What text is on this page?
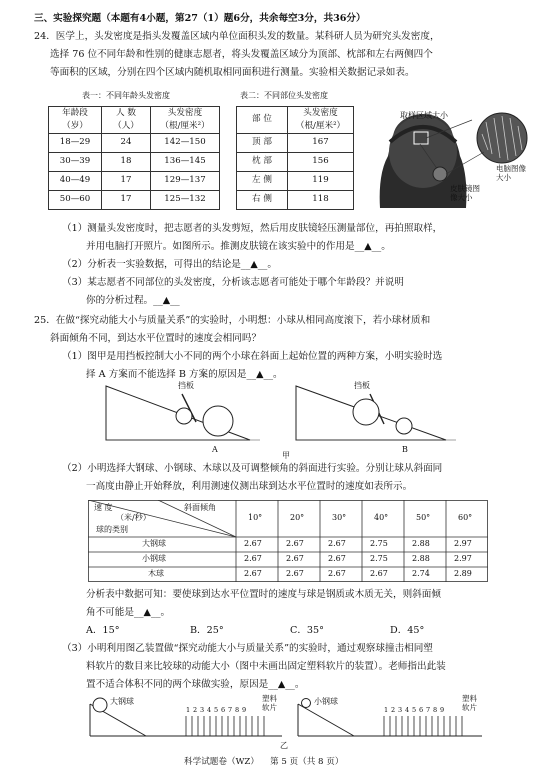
三、实验探究题（本题有4小题，第27（1）题6分，共余每空3分，共36分）
24．医学上，头发密度是指头发覆盖区域内单位面积头发的数量。某科研人员为研究头发密度，
选择 76 位不同年龄和性别的健康志愿者，将头发覆盖区域分为顶部、枕部和左右两侧四个
等面积的区域，分别在四个区域内随机取相同面积进行测量。实验相关数据记录如表。
表一：不同年龄头发密度
年龄段
（岁）	人 数
（人）	头发密度
（根/厘米²）
18—29	24	142—150
30—39	18	136—145
40—49	17	129—137
50—60	17	125—132
表二：不同部位头发密度
部 位	头发密度
（根/厘米²）
顶 部	167
枕 部	156
左 侧	119
右 侧	118
取样区域大小
电脑图像大小
皮肤镜图像大小
（1）测量头发密度时，把志愿者的头发剪短，然后用皮肤镜轻压测量部位，再拍照取样，
并用电脑打开照片。如图所示。推测皮肤镜在该实验中的作用是__▲__。
（2）分析表一实验数据，可得出的结论是__▲__。
（3）某志愿者不同部位的头发密度，分析该志愿者可能处于哪个年龄段？并说明
你的分析过程。__▲__
25．在做“探究动能大小与质量关系”的实验时，小明想：小球从相同高度滚下，若小球材质和
斜面倾角不同，到达水平位置时的速度会相同吗？
（1）图甲是用挡板控制大小不同的两个小球在斜面上起始位置的两种方案，小明实验时选
择 A 方案而不能选择 B 方案的原因是__▲__。
挡板	挡板
A
甲
B
（2）小明选择大钢球、小钢球、木球以及可调整倾角的斜面进行实验。分别让球从斜面同
一高度由静止开始释放，利用测速仪测出球到达水平位置时的速度如表所示。
速 度
（米/秒）
斜面倾角
球的类别
10°	20°	30°	40°	50°	60°
大钢球	2.67	2.67	2.67	2.75	2.88	2.97
小钢球	2.67	2.67	2.67	2.75	2.88	2.97
木球	2.67	2.67	2.67	2.67	2.74	2.89
分析表中数据可知：要使球到达水平位置时的速度与球是钢质或木质无关，则斜面倾
角不可能是__▲__。
A．15°	B．25°	C．35°	D．45°
（3）小明利用图乙装置做“探究动能大小与质量关系”的实验时，通过观察球撞击相同塑
料软片的数目来比较球的动能大小（图中未画出固定塑料软片的装置）。老师指出此装
置不适合体积不同的两个球做实验，原因是__▲__。
大钢球
1 2 3 4 5 6 7 8 9
塑料软片
小钢球
1 2 3 4 5 6 7 8 9
塑料软片
乙
科学试题卷（WZ） 第 5 页（共 8 页）
